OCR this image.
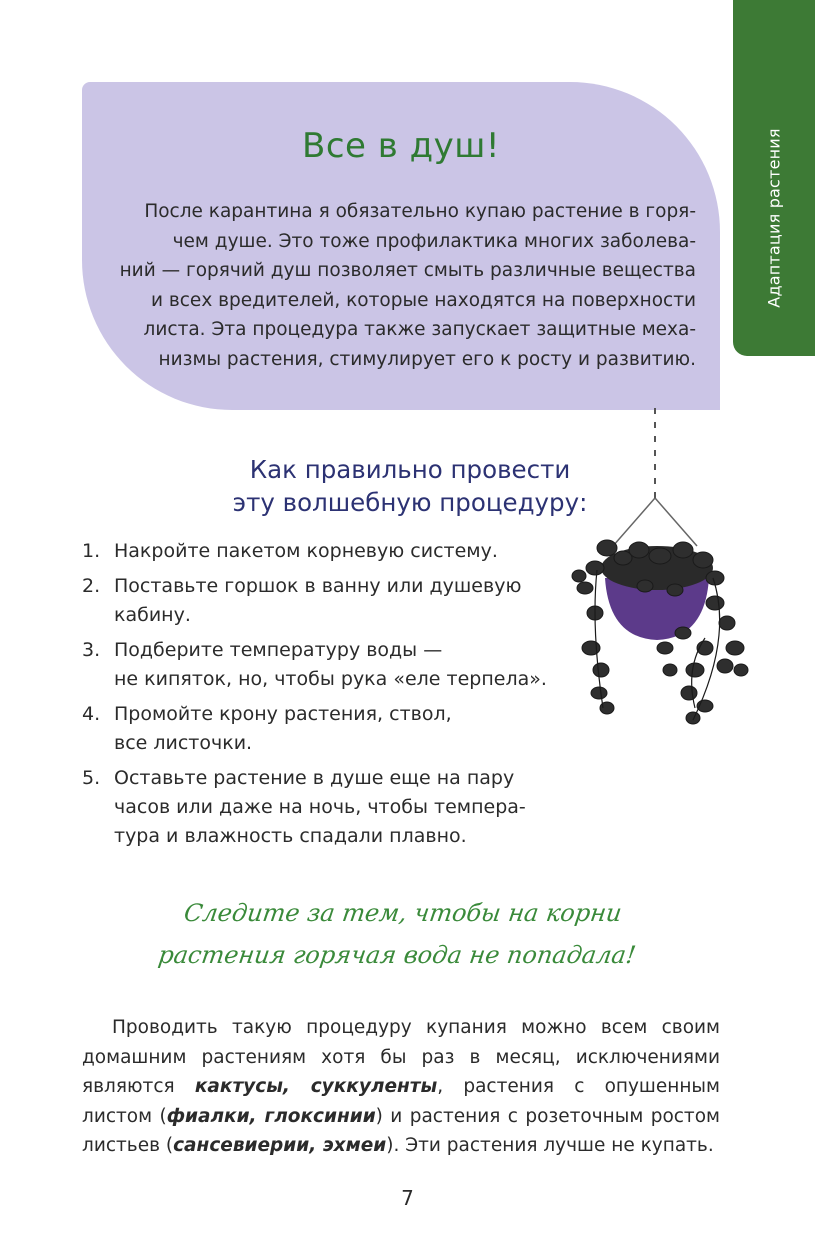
Адаптация растения
Все в душ!

После карантина я обязательно купаю растение в горя-
чем душе. Это тоже профилактика многих заболева-
ний — горячий душ позволяет смыть различные вещества
и всех вредителей, которые находятся на поверхности
листа. Эта процедура также запускает защитные меха-
низмы растения, стимулирует его к росту и развитию.

Как правильно провести
эту волшебную процедуру:
1. Накройте пакетом корневую систему.
2. Поставьте горшок в ванну или душевую
кабину.
3. Подберите температуру воды —
не кипяток, но, чтобы рука «еле терпела».
4. Промойте крону растения, ствол,
все листочки.
5. Оставьте растение в душе еще на пару
часов или даже на ночь, чтобы темпера-
тура и влажность спадали плавно.

Следите за тем, чтобы на корни
растения горячая вода не попадала!

Проводить такую процедуру купания можно всем своим домашним растениям хотя бы раз в месяц, исключениями являются кактусы, суккуленты, растения с опушенным листом (фиалки, глоксинии) и растения с розеточным ростом листьев (сансевиерии, эхмеи). Эти растения лучше не купать.

7
